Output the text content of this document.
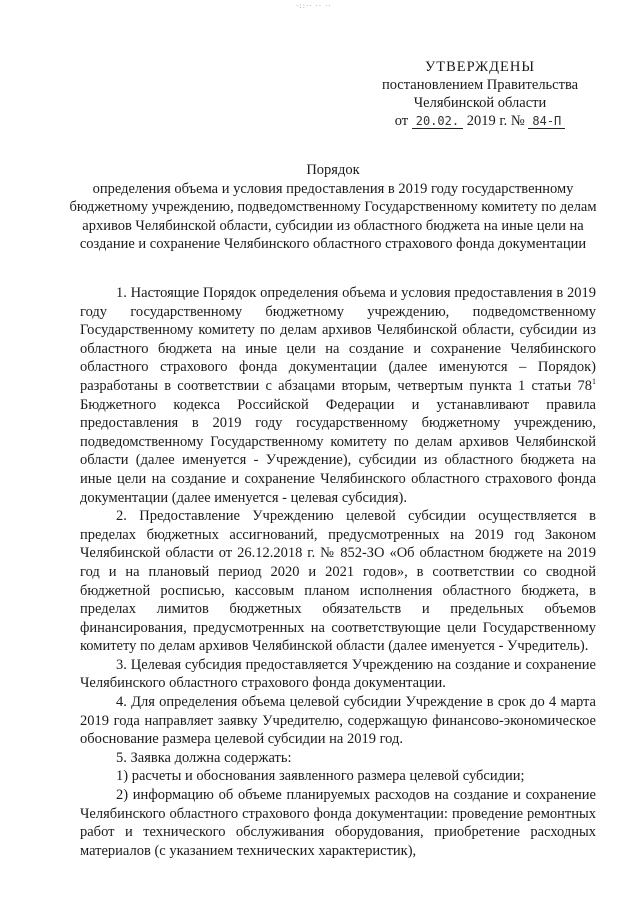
·::·· ·· ··
УТВЕРЖДЕНЫ
постановлением Правительства
Челябинской области
от 20.02. 2019 г. № 84-П
Порядок
определения объема и условия предоставления в 2019 году государственному бюджетному учреждению, подведомственному Государственному комитету по делам архивов Челябинской области, субсидии из областного бюджета на иные цели на создание и сохранение Челябинского областного страхового фонда документации

1. Настоящие Порядок определения объема и условия предоставления в 2019 году государственному бюджетному учреждению, подведомственному Государственному комитету по делам архивов Челябинской области, субсидии из областного бюджета на иные цели на создание и сохранение Челябинского областного страхового фонда документации (далее именуются – Порядок) разработаны в соответствии с абзацами вторым, четвертым пункта 1 статьи $78^1$ Бюджетного кодекса Российской Федерации и устанавливают правила предоставления в 2019 году государственному бюджетному учреждению, подведомственному Государственному комитету по делам архивов Челябинской области (далее именуется - Учреждение), субсидии из областного бюджета на иные цели на создание и сохранение Челябинского областного страхового фонда документации (далее именуется - целевая субсидия).

2. Предоставление Учреждению целевой субсидии осуществляется в пределах бюджетных ассигнований, предусмотренных на 2019 год Законом Челябинской области от 26.12.2018 г. № 852-ЗО «Об областном бюджете на 2019 год и на плановый период 2020 и 2021 годов», в соответствии со сводной бюджетной росписью, кассовым планом исполнения областного бюджета, в пределах лимитов бюджетных обязательств и предельных объемов финансирования, предусмотренных на соответствующие цели Государственному комитету по делам архивов Челябинской области (далее именуется - Учредитель).

3. Целевая субсидия предоставляется Учреждению на создание и сохранение Челябинского областного страхового фонда документации.

4. Для определения объема целевой субсидии Учреждение в срок до 4 марта 2019 года направляет заявку Учредителю, содержащую финансово-экономическое обоснование размера целевой субсидии на 2019 год.

5. Заявка должна содержать:

1) расчеты и обоснования заявленного размера целевой субсидии;

2) информацию об объеме планируемых расходов на создание и сохранение Челябинского областного страхового фонда документации: проведение ремонтных работ и технического обслуживания оборудования, приобретение расходных материалов (с указанием технических характеристик),
